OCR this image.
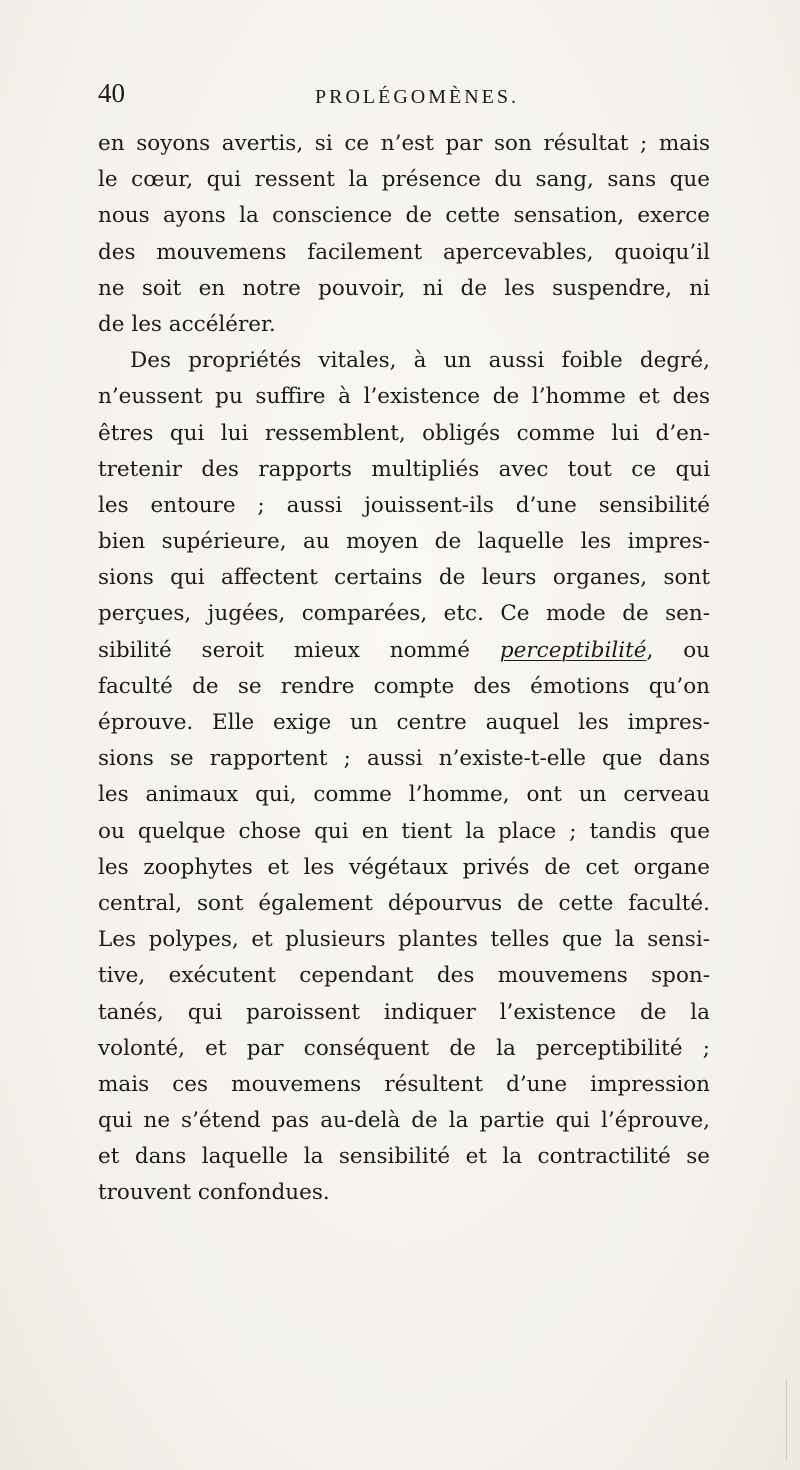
40	PROLÉGOMÈNES.
en soyons avertis, si ce n’est par son résultat ; mais
le cœur, qui ressent la présence du sang, sans que
nous ayons la conscience de cette sensation, exerce
des mouvemens facilement apercevables, quoiqu’il
ne soit en notre pouvoir, ni de les suspendre, ni
de les accélérer.
Des propriétés vitales, à un aussi foible degré,
n’eussent pu suffire à l’existence de l’homme et des
êtres qui lui ressemblent, obligés comme lui d’en-
tretenir des rapports multipliés avec tout ce qui
les entoure ; aussi jouissent-ils d’une sensibilité
bien supérieure, au moyen de laquelle les impres-
sions qui affectent certains de leurs organes, sont
perçues, jugées, comparées, etc. Ce mode de sen-
sibilité seroit mieux nommé perceptibilité, ou
faculté de se rendre compte des émotions qu’on
éprouve. Elle exige un centre auquel les impres-
sions se rapportent ; aussi n’existe-t-elle que dans
les animaux qui, comme l’homme, ont un cerveau
ou quelque chose qui en tient la place ; tandis que
les zoophytes et les végétaux privés de cet organe
central, sont également dépourvus de cette faculté.
Les polypes, et plusieurs plantes telles que la sensi-
tive, exécutent cependant des mouvemens spon-
tanés, qui paroissent indiquer l’existence de la
volonté, et par conséquent de la perceptibilité ;
mais ces mouvemens résultent d’une impression
qui ne s’étend pas au-delà de la partie qui l’éprouve,
et dans laquelle la sensibilité et la contractilité se
trouvent confondues.
